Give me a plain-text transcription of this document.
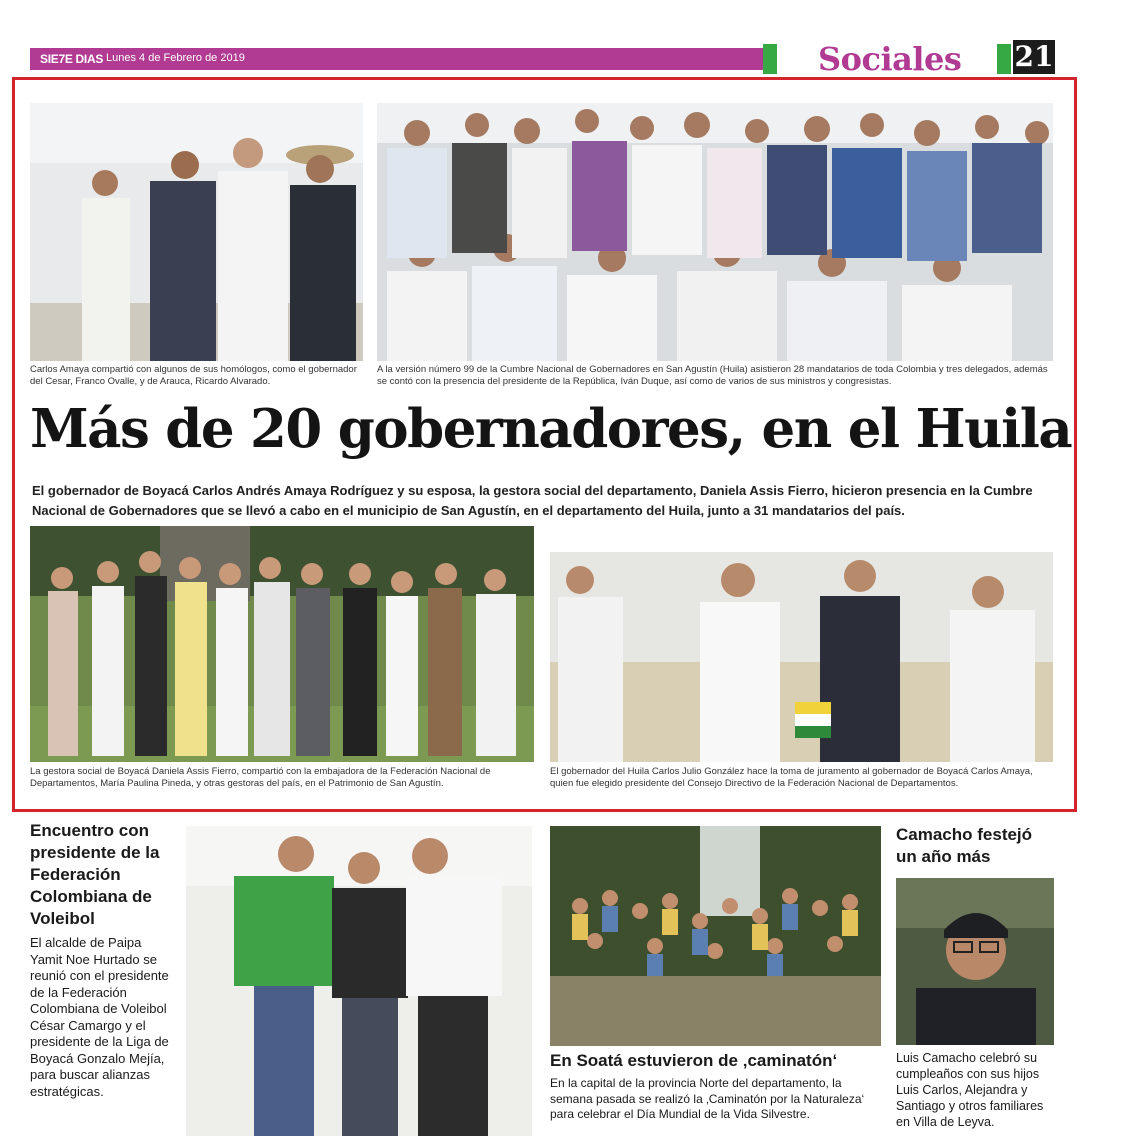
SIE7E DIAS Lunes 4 de Febrero de 2019	Sociales 21
Carlos Amaya compartió con algunos de sus homólogos, como el gobernador del Cesar, Franco Ovalle, y de Arauca, Ricardo Alvarado.
A la versión número 99 de la Cumbre Nacional de Gobernadores en San Agustín (Huila) asistieron 28 mandatarios de toda Colombia y tres delegados, además se contó con la presencia del presidente de la República, Iván Duque, así como de varios de sus ministros y congresistas.
Más de 20 gobernadores, en el Huila
El gobernador de Boyacá Carlos Andrés Amaya Rodríguez y su esposa, la gestora social del departamento, Daniela Assis Fierro, hicieron presencia en la Cumbre Nacional de Gobernadores que se llevó a cabo en el municipio de San Agustín, en el departamento del Huila, junto a 31 mandatarios del país.
La gestora social de Boyacá Daniela Assis Fierro, compartió con la embajadora de la Federación Nacional de Departamentos, María Paulina Pineda, y otras gestoras del país, en el Patrimonio de San Agustín.
El gobernador del Huila Carlos Julio González hace la toma de juramento al gobernador de Boyacá Carlos Amaya, quien fue elegido presidente del Consejo Directivo de la Federación Nacional de Departamentos.
Encuentro con presidente de la Federación Colombiana de Voleibol
El alcalde de Paipa Yamit Noe Hurtado se reunió con el presidente de la Federación Colombiana de Voleibol César Camargo y el presidente de la Liga de Boyacá Gonzalo Mejía, para buscar alianzas estratégicas.
En Soatá estuvieron de ‚caminatón‘
En la capital de la provincia Norte del departamento, la semana pasada se realizó la ‚Caminatón por la Naturaleza‘ para celebrar el Día Mundial de la Vida Silvestre.
Camacho festejó un año más
Luis Camacho celebró su cumpleaños con sus hijos Luis Carlos, Alejandra y Santiago y otros familiares en Villa de Leyva.
